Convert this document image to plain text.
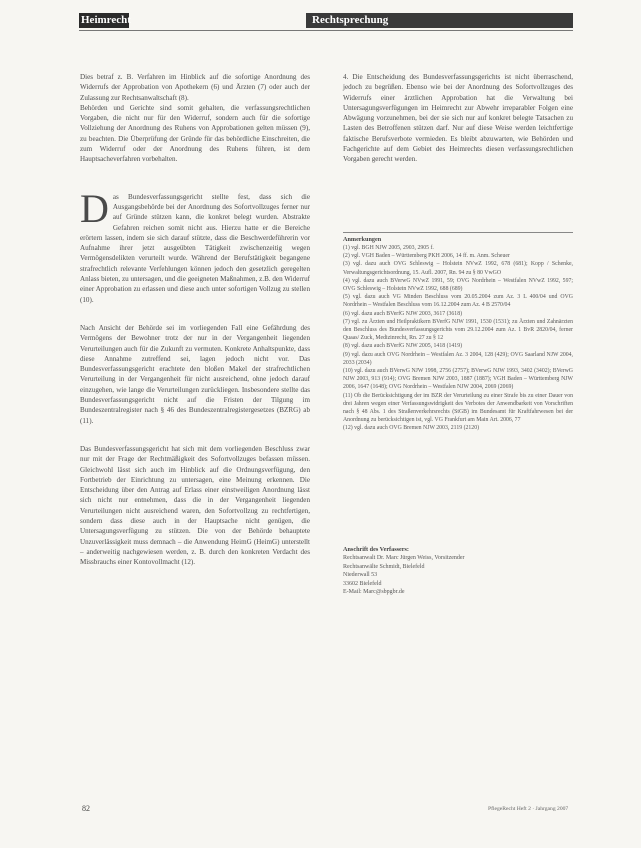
Heimrecht	Rechtsprechung

Dies betraf z. B. Verfahren im Hinblick auf die sofortige Anordnung des Widerrufs der Approbation von Apothekern (6) und Ärzten (7) oder auch der Zulassung zur Rechtsanwaltschaft (8).

Behörden und Gerichte sind somit gehalten, die verfassungsrechtlichen Vorgaben, die nicht nur für den Widerruf, sondern auch für die sofortige Vollziehung der Anordnung des Ruhens von Approbationen gelten müssen (9), zu beachten. Die Überprüfung der Gründe für das behördliche Einschreiten, die zum Widerruf oder der Anordnung des Ruhens führen, ist dem Hauptsacheverfahren vorbehalten.

Das Bundesverfassungsgericht stellte fest, dass sich die Ausgangsbehörde bei der Anordnung des Sofortvollzuges ferner nur auf Gründe stützen kann, die konkret belegt wurden. Abstrakte Gefahren reichen somit nicht aus. Hierzu hatte er die Bereiche erörtern lassen, indem sie sich darauf stützte, dass die Beschwerdeführerin vor Aufnahme ihrer jetzt ausgeübten Tätigkeit zwischenzeitig wegen Vermögensdelikten verurteilt wurde. Während der Berufstätigkeit begangene strafrechtlich relevante Verfehlungen können jedoch den gesetzlich geregelten Anlass bieten, zu untersagen, und die geeigneten Maßnahmen, z.B. den Widerruf einer Approbation zu erlassen und diese auch unter sofortigen Vollzug zu stellen (10).

Nach Ansicht der Behörde sei im vorliegenden Fall eine Gefährdung des Vermögens der Bewohner trotz der nur in der Vergangenheit liegenden Verurteilungen auch für die Zukunft zu vermuten. Konkrete Anhaltspunkte, dass diese Annahme zutreffend sei, lagen jedoch nicht vor. Das Bundesverfassungsgericht erachtete den bloßen Makel der strafrechtlichen Verurteilung in der Vergangenheit für nicht ausreichend, ohne jedoch darauf einzugehen, wie lange die Verurteilungen zurückliegen. Insbesondere stellte das Bundesverfassungsgericht nicht auf die Fristen der Tilgung im Bundeszentralregister nach § 46 des Bundeszentralregistergesetzes (BZRG) ab (11).

Das Bundesverfassungsgericht hat sich mit dem vorliegenden Beschluss zwar nur mit der Frage der Rechtmäßigkeit des Sofortvollzuges befassen müssen. Gleichwohl lässt sich auch im Hinblick auf die Ordnungsverfügung, den Fortbetrieb der Einrichtung zu untersagen, eine Meinung erkennen. Die Entscheidung über den Antrag auf Erlass einer einstweiligen Anordnung lässt sich nicht nur entnehmen, dass die in der Vergangenheit liegenden Verurteilungen nicht ausreichend waren, den Sofortvollzug zu rechtfertigen, sondern dass diese auch in der Hauptsache nicht genügen, die Untersagungsverfügung zu stützen. Die von der Behörde behauptete Unzuverlässigkeit muss demnach – die Anwendung HeimG (HeimG) unterstellt – anderweitig nachgewiesen werden, z. B. durch den konkreten Verdacht des Missbrauchs einer Kontovollmacht (12).

4. Die Entscheidung des Bundesverfassungsgerichts ist nicht überraschend, jedoch zu begrüßen. Ebenso wie bei der Anordnung des Sofortvollzuges des Widerrufs einer ärztlichen Approbation hat die Verwaltung bei Untersagungsverfügungen im Heimrecht zur Abwehr irreparabler Folgen eine Abwägung vorzunehmen, bei der sie sich nur auf konkret belegte Tatsachen zu Lasten des Betroffenen stützen darf. Nur auf diese Weise werden leichtfertige faktische Berufsverbote vermieden. Es bleibt abzuwarten, wie Behörden und Fachgerichte auf dem Gebiet des Heimrechts diesen verfassungsrechtlichen Vorgaben gerecht werden.

Anmerkungen

(1) vgl. BGH NJW 2005, 2903, 2905 f.

(2) vgl. VGH Baden – Württemberg PKH 2006, 14 ff. m. Anm. Scheuer

(3) vgl. dazu auch OVG Schleswig – Holstein NVwZ 1992, 678 (681); Kopp / Schenke, Verwaltungsgerichtsordnung, 15. Aufl. 2007, Rn. 94 zu § 80 VwGO

(4) vgl. dazu auch BVerwG NVwZ 1991, 59; OVG Nordrhein – Westfalen NVwZ 1992, 597; OVG Schleswig – Holstein NVwZ 1992, 688 (689)

(5) vgl. dazu auch VG Minden Beschluss vom 20.05.2004 zum Az. 3 L 400/04 und OVG Nordrhein – Westfalen Beschluss vom 16.12.2004 zum Az. 4 B 2570/04

(6) vgl. dazu auch BVerfG NJW 2003, 3617 (3618)

(7) vgl. zu Ärzten und Heilpraktikern BVerfG NJW 1991, 1530 (1531); zu Ärzten und Zahnärzten den Beschluss des Bundesverfassungsgerichts vom 29.12.2004 zum Az. 1 BvR 2820/04, ferner Quaas/ Zuck, Medizinrecht, Rn. 27 zu § 12

(8) vgl. dazu auch BVerfG NJW 2005, 1418 (1419)

(9) vgl. dazu auch OVG Nordrhein – Westfalen Az. 3 2004, 128 (429); OVG Saarland NJW 2004, 2033 (2034)

(10) vgl. dazu auch BVerwG NJW 1998, 2756 (2757); BVerwG NJW 1993, 3402 (3402); BVerwG NJW 2003, 913 (914); OVG Bremen NJW 2003, 1887 (1887); VGH Baden – Württemberg NJW 2006, 1647 (1648); OVG Nordrhein – Westfalen NJW 2004, 2069 (2069)

(11) Ob die Berücksichtigung der im BZR der Verurteilung zu einer Strafe bis zu einer Dauer von drei Jahren wegen einer Verfassungswidrigkeit des Verbotes der Anwendbarkeit von Vorschriften nach § 48 Abs. 1 des Straßenverkehrsrechts (StGB) im Bundesamt für Kraftfahrwesen bei der Anordnung zu berücksichtigen ist, vgl. VG Frankfurt am Main Art. 2006, 77

(12) vgl. dazu auch OVG Bremen NJW 2003, 2119 (2120)

Anschrift des Verfassers:
Rechtsanwalt Dr. Marc Jürgen Weiss, Vorsitzender
Rechtsanwälte Schmidt, Bielefeld
Niederwall 53
33602 Bielefeld
E-Mail: Marc@sbpgbr.de
82	PflegeRecht Heft 2 · Jahrgang 2007
